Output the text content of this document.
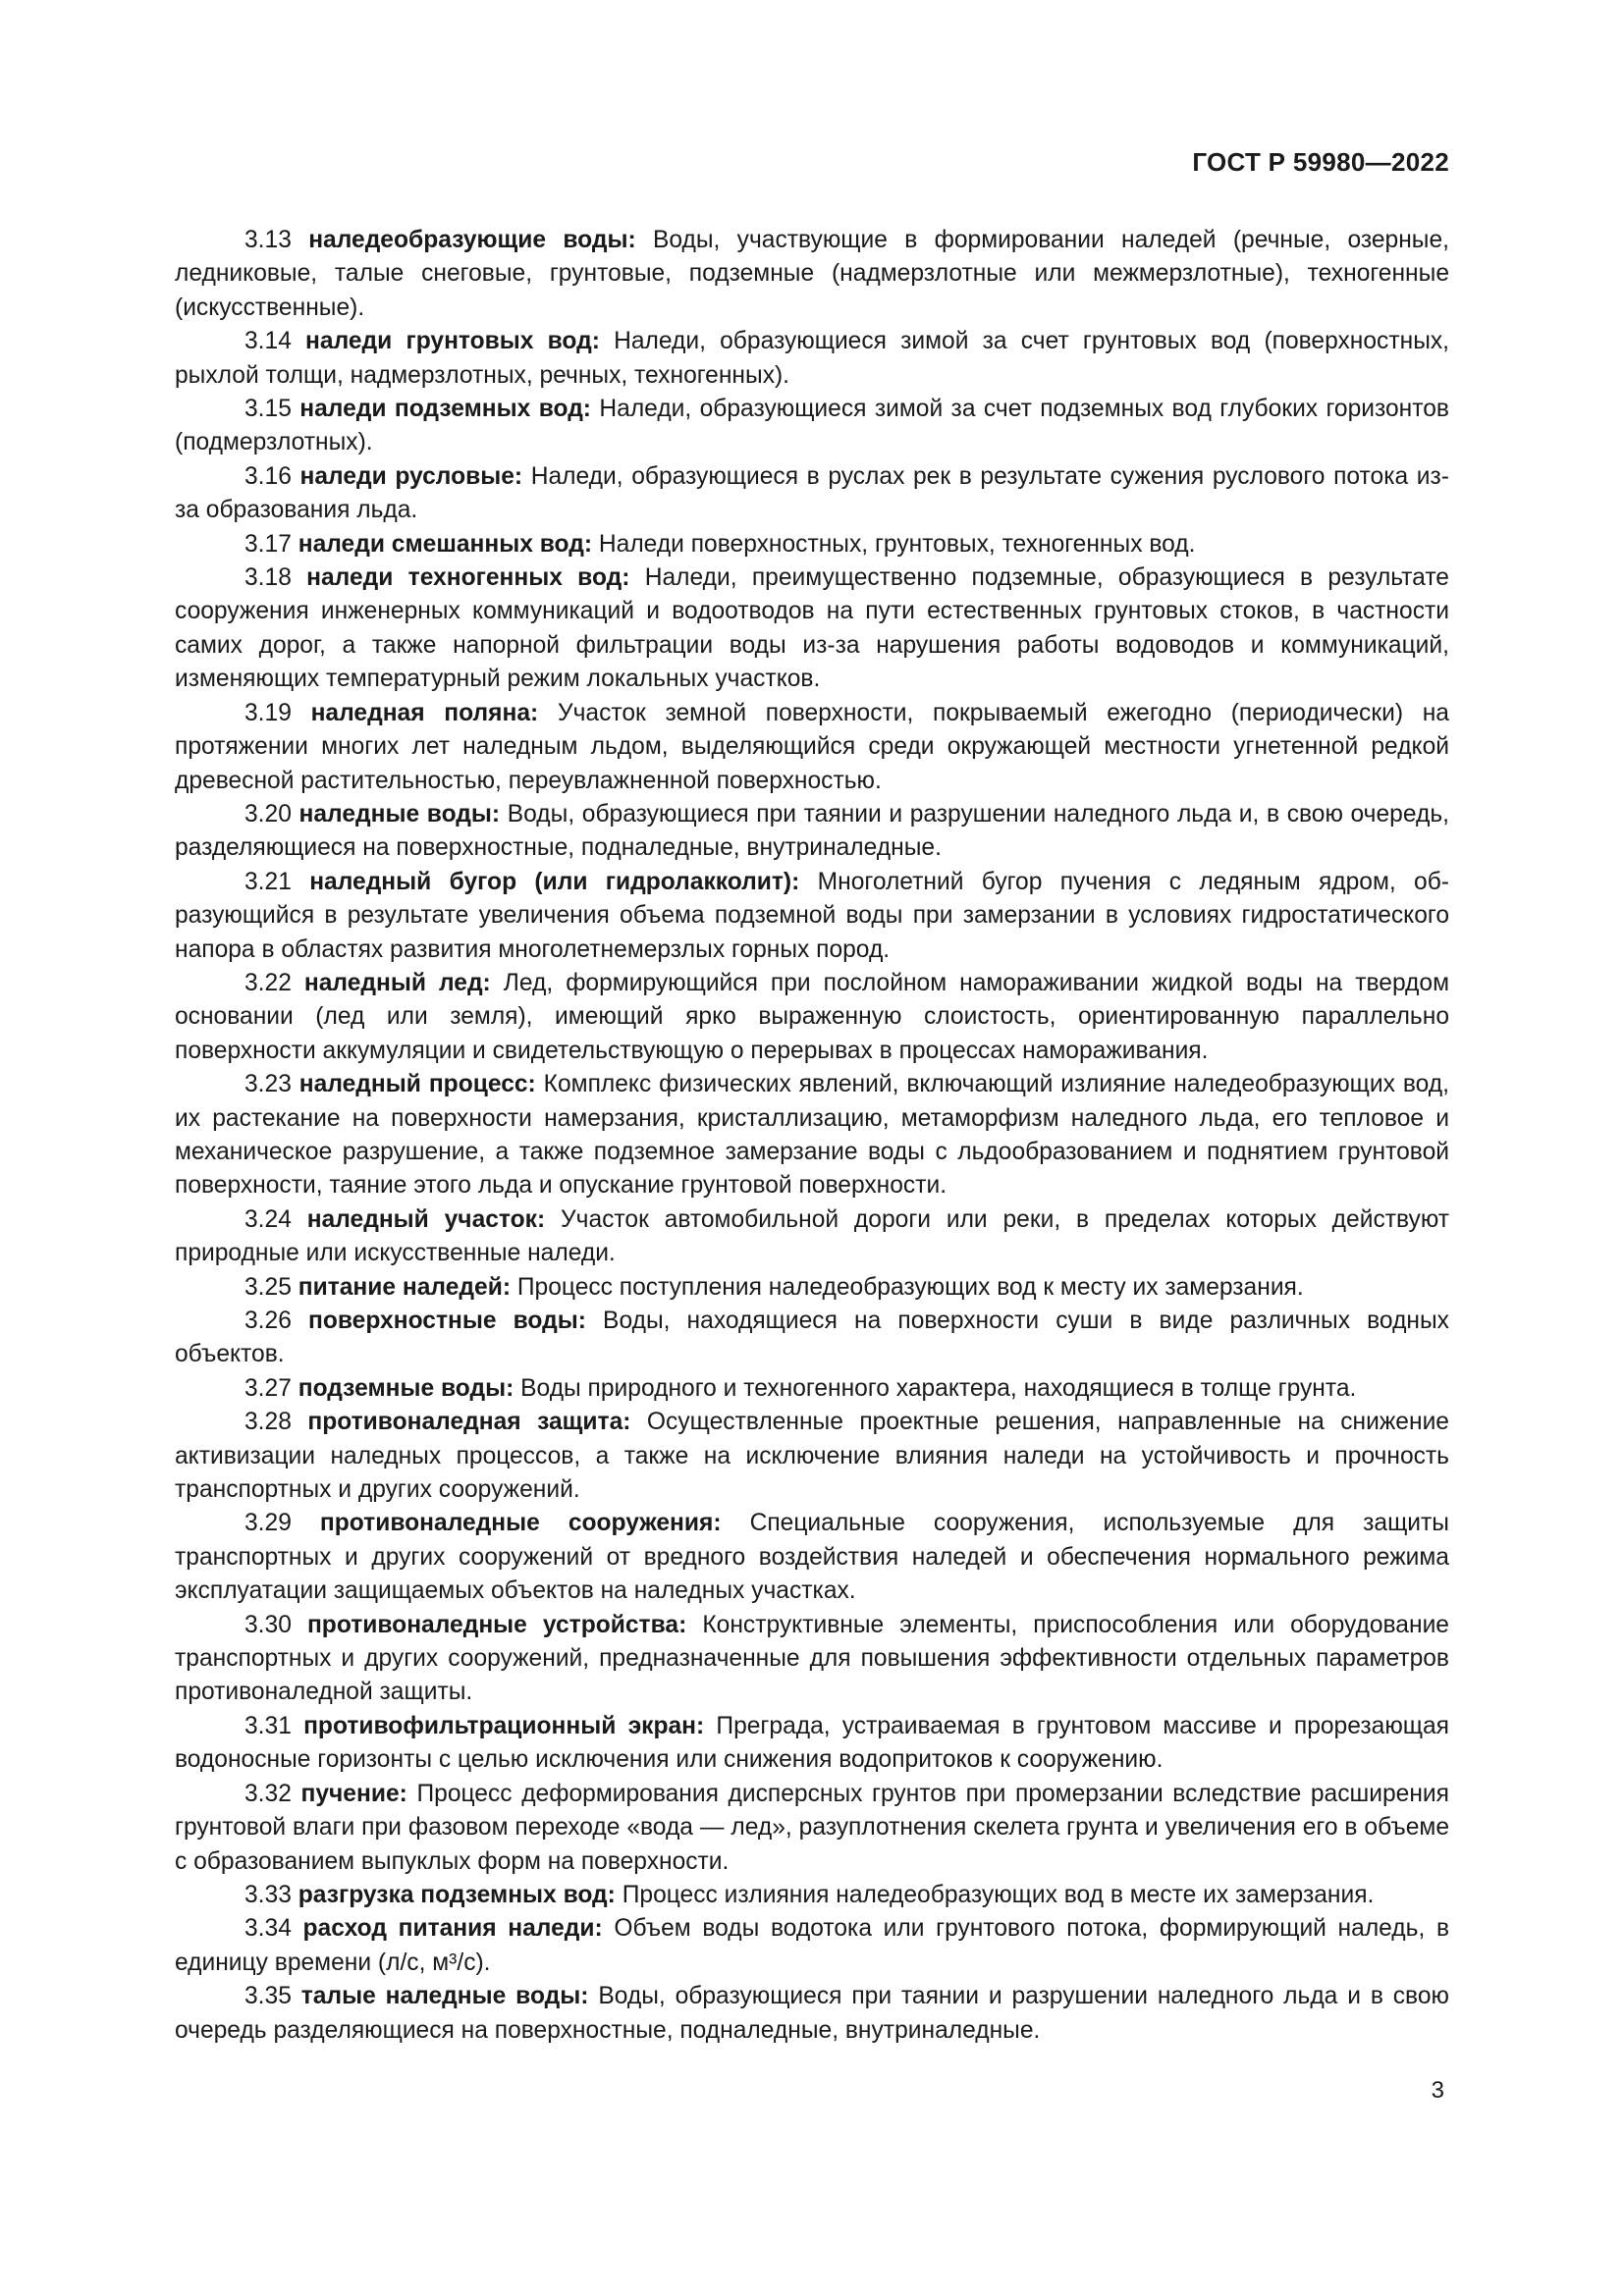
ГОСТ Р 59980—2022

3.13 наледеобразующие воды: Воды, участвующие в формировании наледей (речные, озерные, ледниковые, талые снеговые, грунтовые, подземные (надмерзлотные или межмерзлотные), техногенные (искусственные).

3.14 наледи грунтовых вод: Наледи, образующиеся зимой за счет грунтовых вод (поверхностных, рыхлой толщи, надмерзлотных, речных, техногенных).

3.15 наледи подземных вод: Наледи, образующиеся зимой за счет подземных вод глубоких горизонтов (подмерзлотных).

3.16 наледи русловые: Наледи, образующиеся в руслах рек в результате сужения руслового потока из-за образования льда.

3.17 наледи смешанных вод: Наледи поверхностных, грунтовых, техногенных вод.

3.18 наледи техногенных вод: Наледи, преимущественно подземные, образующиеся в результате сооружения инженерных коммуникаций и водоотводов на пути естественных грунтовых стоков, в частности самих дорог, а также напорной фильтрации воды из-за нарушения работы водоводов и коммуникаций, изменяющих температурный режим локальных участков.

3.19 наледная поляна: Участок земной поверхности, покрываемый ежегодно (периодически) на протяжении многих лет наледным льдом, выделяющийся среди окружающей местности угнетенной редкой древесной растительностью, переувлажненной поверхностью.

3.20 наледные воды: Воды, образующиеся при таянии и разрушении наледного льда и, в свою очередь, разделяющиеся на поверхностные, подналедные, внутриналедные.

3.21 наледный бугор (или гидролакколит): Многолетний бугор пучения с ледяным ядром, образующийся в результате увеличения объема подземной воды при замерзании в условиях гидростатического напора в областях развития многолетнемерзлых горных пород.

3.22 наледный лед: Лед, формирующийся при послойном намораживании жидкой воды на твердом основании (лед или земля), имеющий ярко выраженную слоистость, ориентированную параллельно поверхности аккумуляции и свидетельствующую о перерывах в процессах намораживания.

3.23 наледный процесс: Комплекс физических явлений, включающий излияние наледеобразующих вод, их растекание на поверхности намерзания, кристаллизацию, метаморфизм наледного льда, его тепловое и механическое разрушение, а также подземное замерзание воды с льдообразованием и поднятием грунтовой поверхности, таяние этого льда и опускание грунтовой поверхности.

3.24 наледный участок: Участок автомобильной дороги или реки, в пределах которых действуют природные или искусственные наледи.

3.25 питание наледей: Процесс поступления наледеобразующих вод к месту их замерзания.

3.26 поверхностные воды: Воды, находящиеся на поверхности суши в виде различных водных объектов.

3.27 подземные воды: Воды природного и техногенного характера, находящиеся в толще грунта.

3.28 противоналедная защита: Осуществленные проектные решения, направленные на снижение активизации наледных процессов, а также на исключение влияния наледи на устойчивость и прочность транспортных и других сооружений.

3.29 противоналедные сооружения: Специальные сооружения, используемые для защиты транспортных и других сооружений от вредного воздействия наледей и обеспечения нормального режима эксплуатации защищаемых объектов на наледных участках.

3.30 противоналедные устройства: Конструктивные элементы, приспособления или оборудование транспортных и других сооружений, предназначенные для повышения эффективности отдельных параметров противоналедной защиты.

3.31 противофильтрационный экран: Преграда, устраиваемая в грунтовом массиве и прорезающая водоносные горизонты с целью исключения или снижения водопритоков к сооружению.

3.32 пучение: Процесс деформирования дисперсных грунтов при промерзании вследствие расширения грунтовой влаги при фазовом переходе «вода — лед», разуплотнения скелета грунта и увеличения его в объеме с образованием выпуклых форм на поверхности.

3.33 разгрузка подземных вод: Процесс излияния наледеобразующих вод в месте их замерзания.

3.34 расход питания наледи: Объем воды водотока или грунтового потока, формирующий наледь, в единицу времени (л/с, м³/с).

3.35 талые наледные воды: Воды, образующиеся при таянии и разрушении наледного льда и в свою очередь разделяющиеся на поверхностные, подналедные, внутриналедные.

3
